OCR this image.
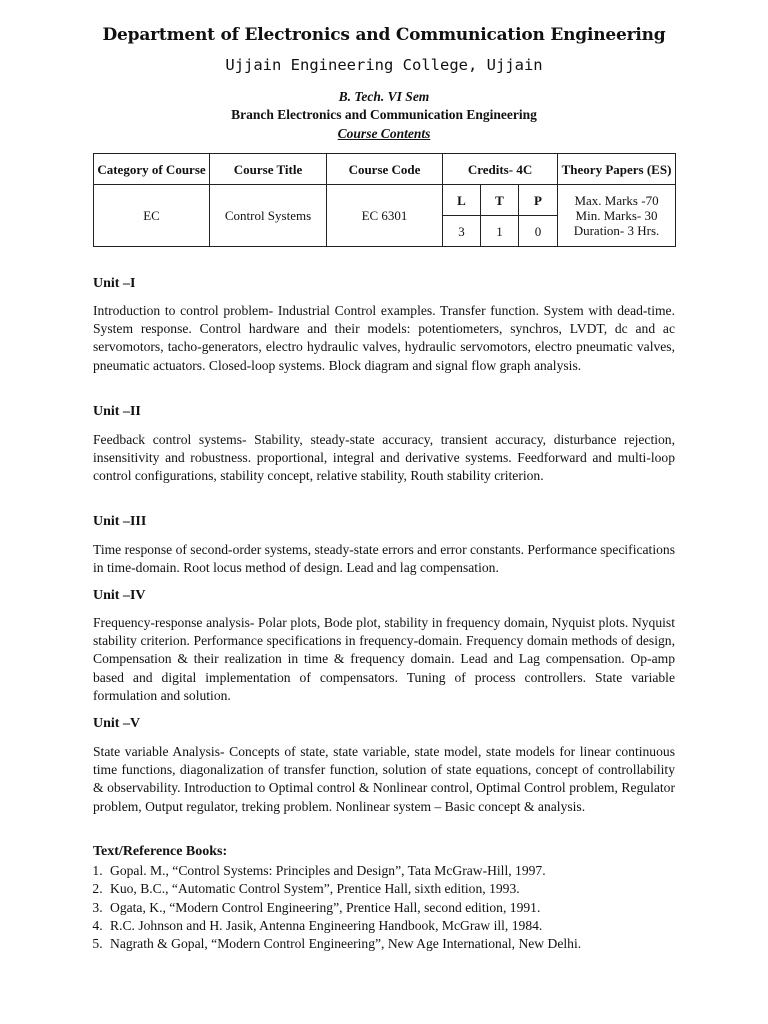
Department of Electronics and Communication Engineering
Ujjain Engineering College, Ujjain
B. Tech. VI Sem
Branch Electronics and Communication Engineering
Course Contents
Category of Course	Course Title	Course Code	Credits- 4C			Theory Papers (ES)
EC	Control Systems	EC 6301	L	T	P	Max. Marks -70
Min. Marks- 30
Duration- 3 Hrs.

			3	1	0	
Unit –I
Introduction to control problem- Industrial Control examples. Transfer function. System with dead-time. System response. Control hardware and their models: potentiometers, synchros, LVDT, dc and ac servomotors, tacho-generators, electro hydraulic valves, hydraulic servomotors, electro pneumatic valves, pneumatic actuators. Closed-loop systems. Block diagram and signal flow graph analysis.
Unit –II
Feedback control systems- Stability, steady-state accuracy, transient accuracy, disturbance rejection, insensitivity and robustness. proportional, integral and derivative systems. Feedforward and multi-loop control configurations, stability concept, relative stability, Routh stability criterion.
Unit –III
Time response of second-order systems, steady-state errors and error constants. Performance specifications in time-domain. Root locus method of design. Lead and lag compensation.
Unit –IV
Frequency-response analysis- Polar plots, Bode plot, stability in frequency domain, Nyquist plots. Nyquist stability criterion. Performance specifications in frequency-domain. Frequency domain methods of design, Compensation & their realization in time & frequency domain. Lead and Lag compensation. Op-amp based and digital implementation of compensators. Tuning of process controllers. State variable formulation and solution.
Unit –V
State variable Analysis- Concepts of state, state variable, state model, state models for linear continuous time functions, diagonalization of transfer function, solution of state equations, concept of controllability & observability. Introduction to Optimal control & Nonlinear control, Optimal Control problem, Regulator problem, Output regulator, treking problem. Nonlinear system – Basic concept & analysis.
Text/Reference Books:
1. Gopal. M., “Control Systems: Principles and Design”, Tata McGraw-Hill, 1997.
2. Kuo, B.C., “Automatic Control System”, Prentice Hall, sixth edition, 1993.
3. Ogata, K., “Modern Control Engineering”, Prentice Hall, second edition, 1991.
4. R.C. Johnson and H. Jasik, Antenna Engineering Handbook, McGraw ill, 1984.
5. Nagrath & Gopal, “Modern Control Engineering”, New Age International, New Delhi.
